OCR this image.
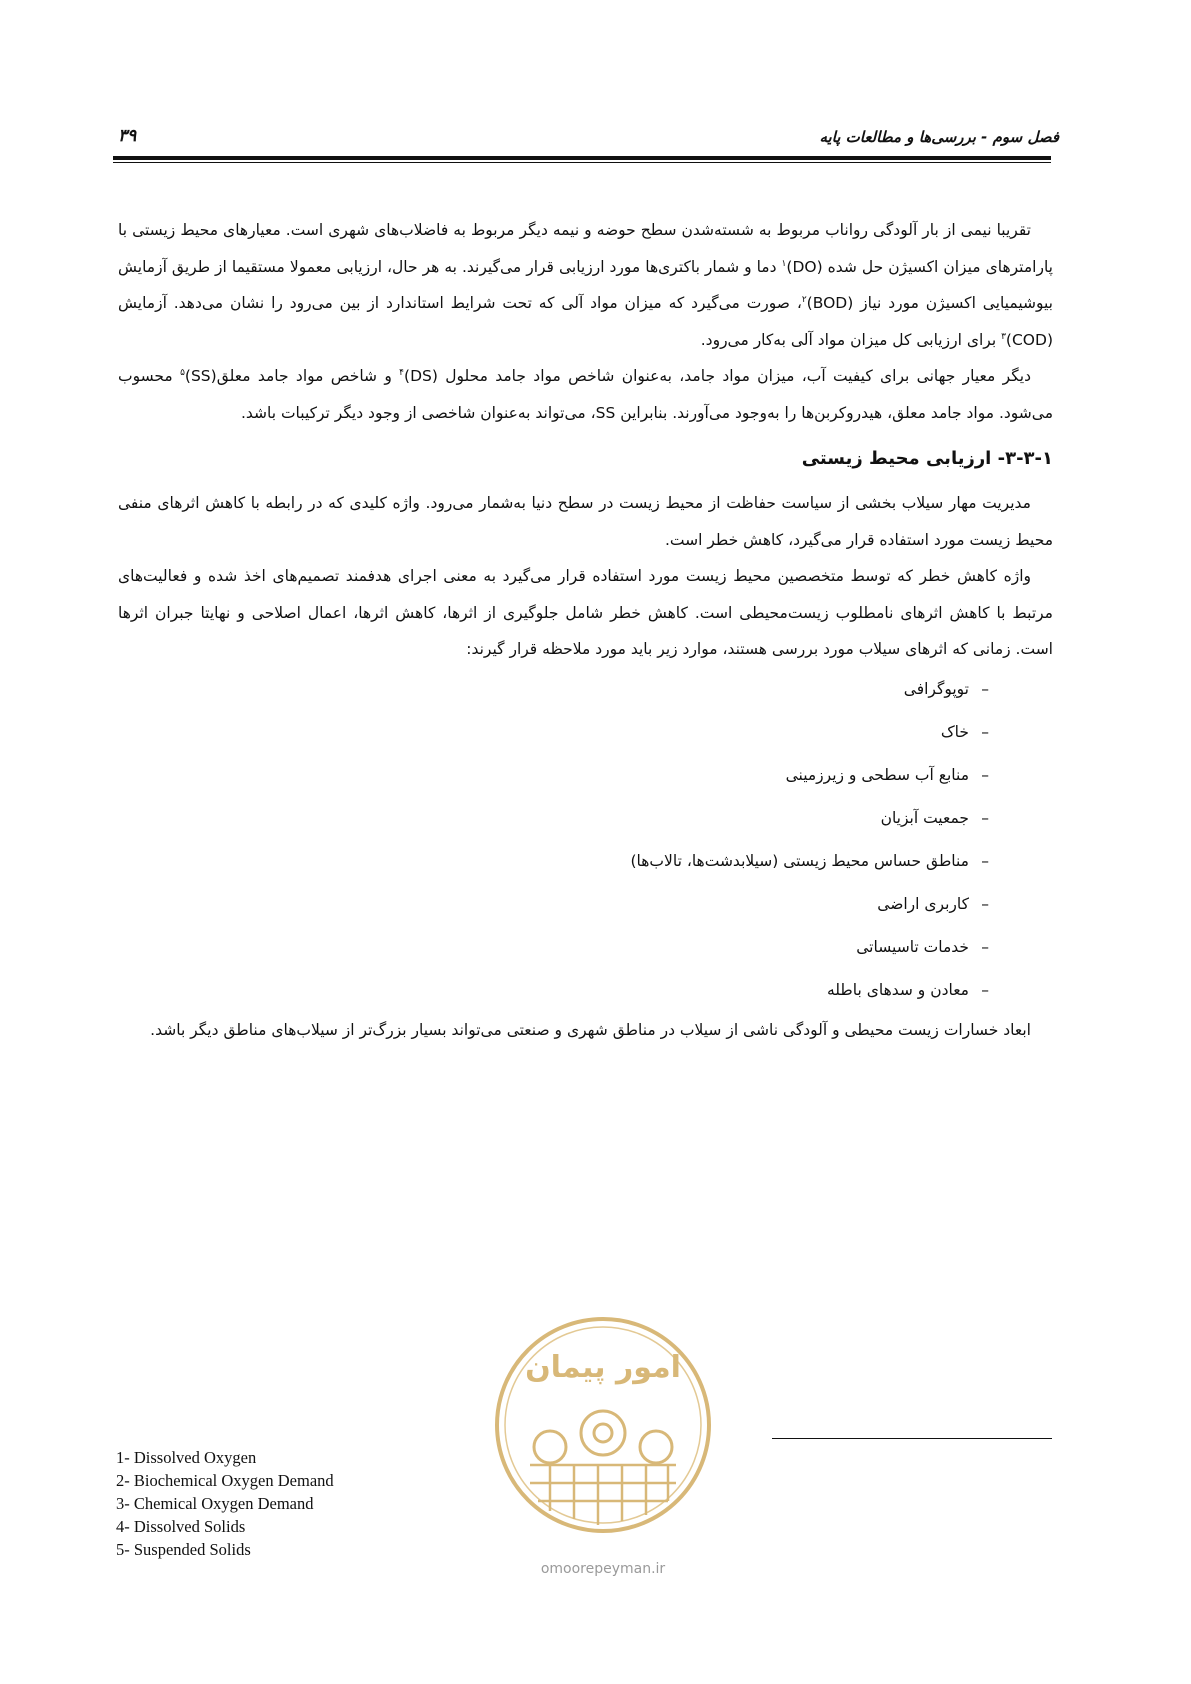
فصل سوم - بررسی‌ها و مطالعات پایه
۳۹

تقریبا نیمی از بار آلودگی رواناب مربوط به شسته‌شدن سطح حوضه و نیمه دیگر مربوط به فاضلاب‌های شهری است. معیارهای محیط زیستی با پارامترهای میزان اکسیژن حل شده (DO)$^۱$ دما و شمار باکتری‌ها مورد ارزیابی قرار می‌گیرند. به هر حال، ارزیابی معمولا مستقیما از طریق آزمایش بیوشیمیایی اکسیژن مورد نیاز (BOD)$^۲$، صورت می‌گیرد که میزان مواد آلی که تحت شرایط استاندارد از بین می‌رود را نشان می‌دهد. آزمایش (COD)$^۳$ برای ارزیابی کل میزان مواد آلی به‌کار می‌رود.

دیگر معیار جهانی برای کیفیت آب، میزان مواد جامد، به‌عنوان شاخص مواد جامد محلول (DS)$^۴$ و شاخص مواد جامد معلق(SS)$^۵$ محسوب می‌شود. مواد جامد معلق، هیدروکربن‌ها را به‌وجود می‌آورند. بنابراین SS، می‌تواند به‌عنوان شاخصی از وجود دیگر ترکیبات باشد.

۳-۳-۱- ارزیابی محیط زیستی

مدیریت مهار سیلاب بخشی از سیاست حفاظت از محیط زیست در سطح دنیا به‌شمار می‌رود. واژه کلیدی که در رابطه با کاهش اثرهای منفی محیط زیست مورد استفاده قرار می‌گیرد، کاهش خطر است.

واژه کاهش خطر که توسط متخصصین محیط زیست مورد استفاده قرار می‌گیرد به معنی اجرای هدفمند تصمیم‌های اخذ شده و فعالیت‌های مرتبط با کاهش اثرهای نامطلوب زیست‌محیطی است. کاهش خطر شامل جلوگیری از اثرها، کاهش اثرها، اعمال اصلاحی و نهایتا جبران اثرها است. زمانی که اثرهای سیلاب مورد بررسی هستند، موارد زیر باید مورد ملاحظه قرار گیرند:

–توپوگرافی
–خاک
–منابع آب سطحی و زیرزمینی
–جمعیت آبزیان
–مناطق حساس محیط زیستی (سیلابدشت‌ها، تالاب‌ها)
–کاربری اراضی
–خدمات تاسیساتی
–معادن و سدهای باطله

ابعاد خسارات زیست محیطی و آلودگی ناشی از سیلاب در مناطق شهری و صنعتی می‌تواند بسیار بزرگ‌تر از سیلاب‌های مناطق دیگر باشد.

1- Dissolved Oxygen
2- Biochemical Oxygen Demand
3- Chemical Oxygen Demand
4- Dissolved Solids
5- Suspended Solids
امور پیمان
omoorepeyman.ir
